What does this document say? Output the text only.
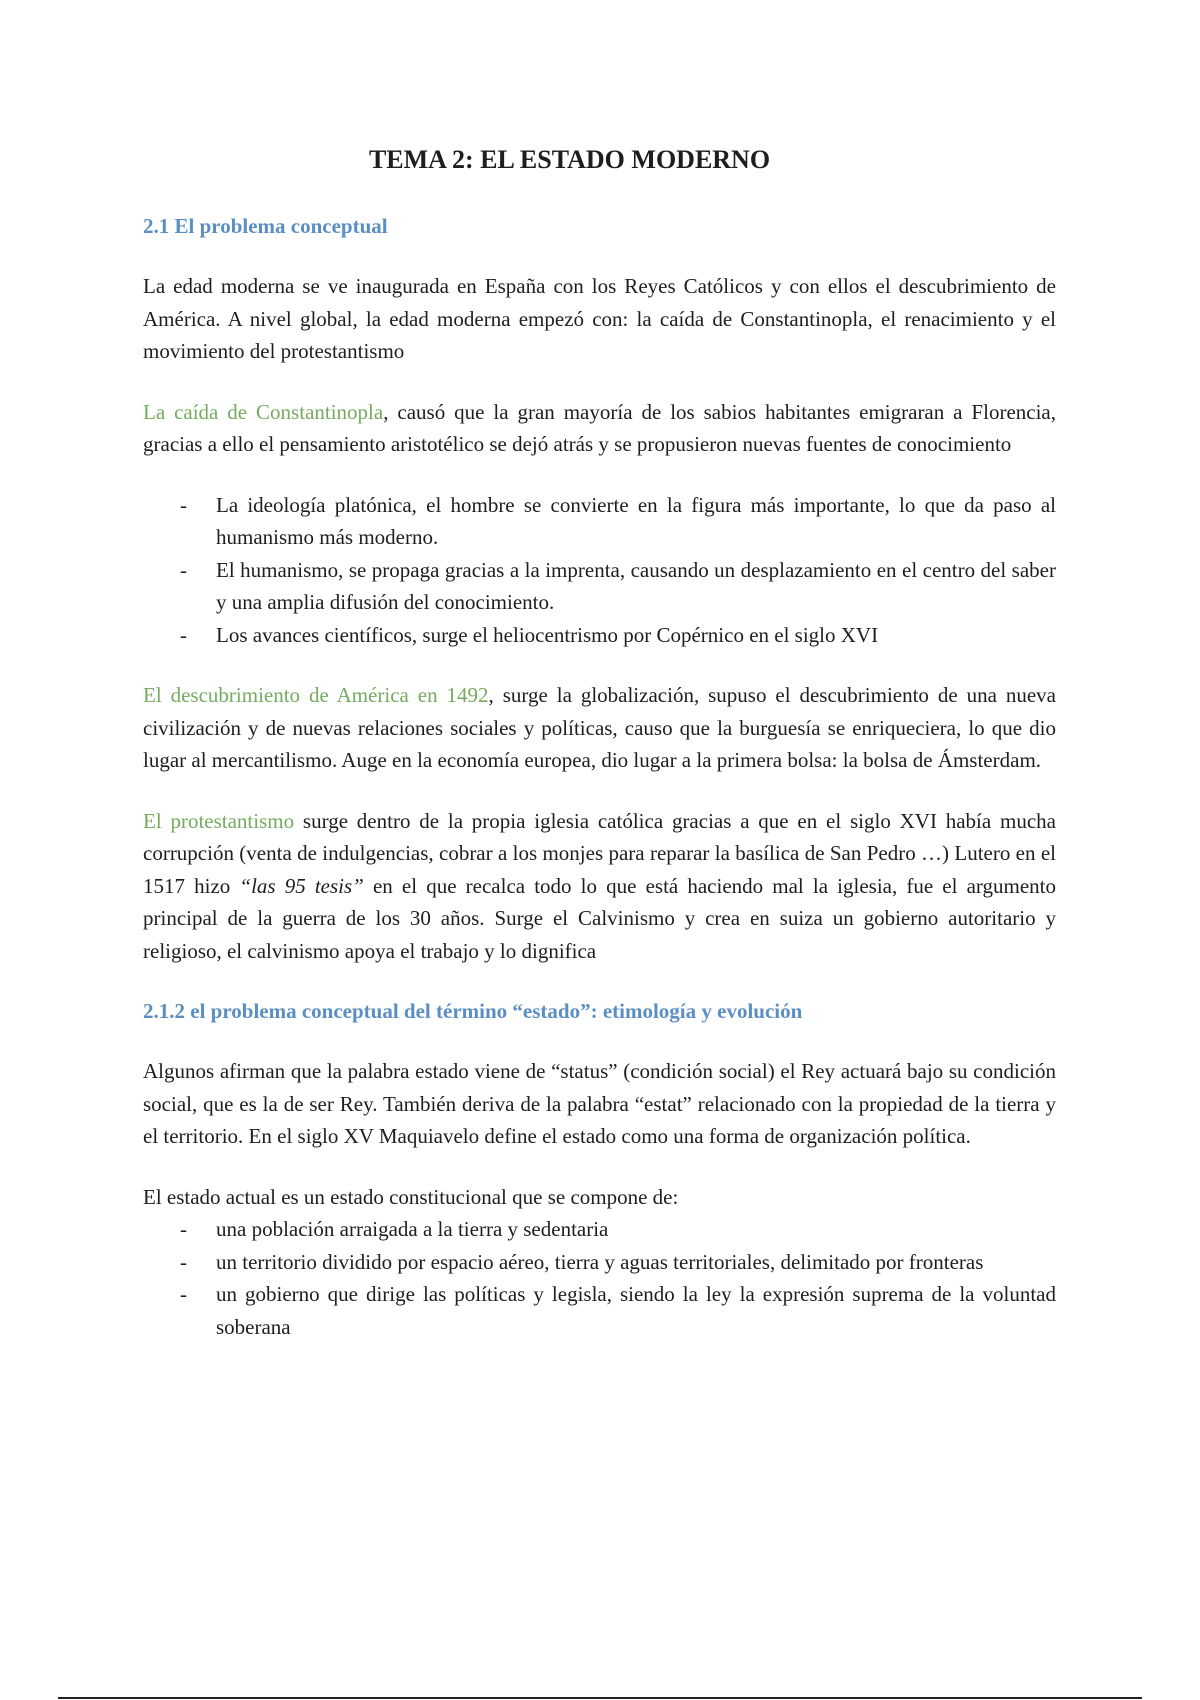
TEMA 2: EL ESTADO MODERNO
2.1 El problema conceptual

La edad moderna se ve inaugurada en España con los Reyes Católicos y con ellos el descubrimiento de América. A nivel global, la edad moderna empezó con: la caída de Constantinopla, el renacimiento y el movimiento del protestantismo

La caída de Constantinopla, causó que la gran mayoría de los sabios habitantes emigraran a Florencia, gracias a ello el pensamiento aristotélico se dejó atrás y se propusieron nuevas fuentes de conocimiento

- La ideología platónica, el hombre se convierte en la figura más importante, lo que da paso al humanismo más moderno.
- El humanismo, se propaga gracias a la imprenta, causando un desplazamiento en el centro del saber y una amplia difusión del conocimiento.
- Los avances científicos, surge el heliocentrismo por Copérnico en el siglo XVI

El descubrimiento de América en 1492, surge la globalización, supuso el descubrimiento de una nueva civilización y de nuevas relaciones sociales y políticas, causo que la burguesía se enriqueciera, lo que dio lugar al mercantilismo. Auge en la economía europea, dio lugar a la primera bolsa: la bolsa de Ámsterdam.

El protestantismo surge dentro de la propia iglesia católica gracias a que en el siglo XVI había mucha corrupción (venta de indulgencias, cobrar a los monjes para reparar la basílica de San Pedro …) Lutero en el 1517 hizo “las 95 tesis” en el que recalca todo lo que está haciendo mal la iglesia, fue el argumento principal de la guerra de los 30 años. Surge el Calvinismo y crea en suiza un gobierno autoritario y religioso, el calvinismo apoya el trabajo y lo dignifica

2.1.2 el problema conceptual del término “estado”: etimología y evolución

Algunos afirman que la palabra estado viene de “status” (condición social) el Rey actuará bajo su condición social, que es la de ser Rey. También deriva de la palabra “estat” relacionado con la propiedad de la tierra y el territorio. En el siglo XV Maquiavelo define el estado como una forma de organización política.

El estado actual es un estado constitucional que se compone de:

- una población arraigada a la tierra y sedentaria
- un territorio dividido por espacio aéreo, tierra y aguas territoriales, delimitado por fronteras
- un gobierno que dirige las políticas y legisla, siendo la ley la expresión suprema de la voluntad soberana
